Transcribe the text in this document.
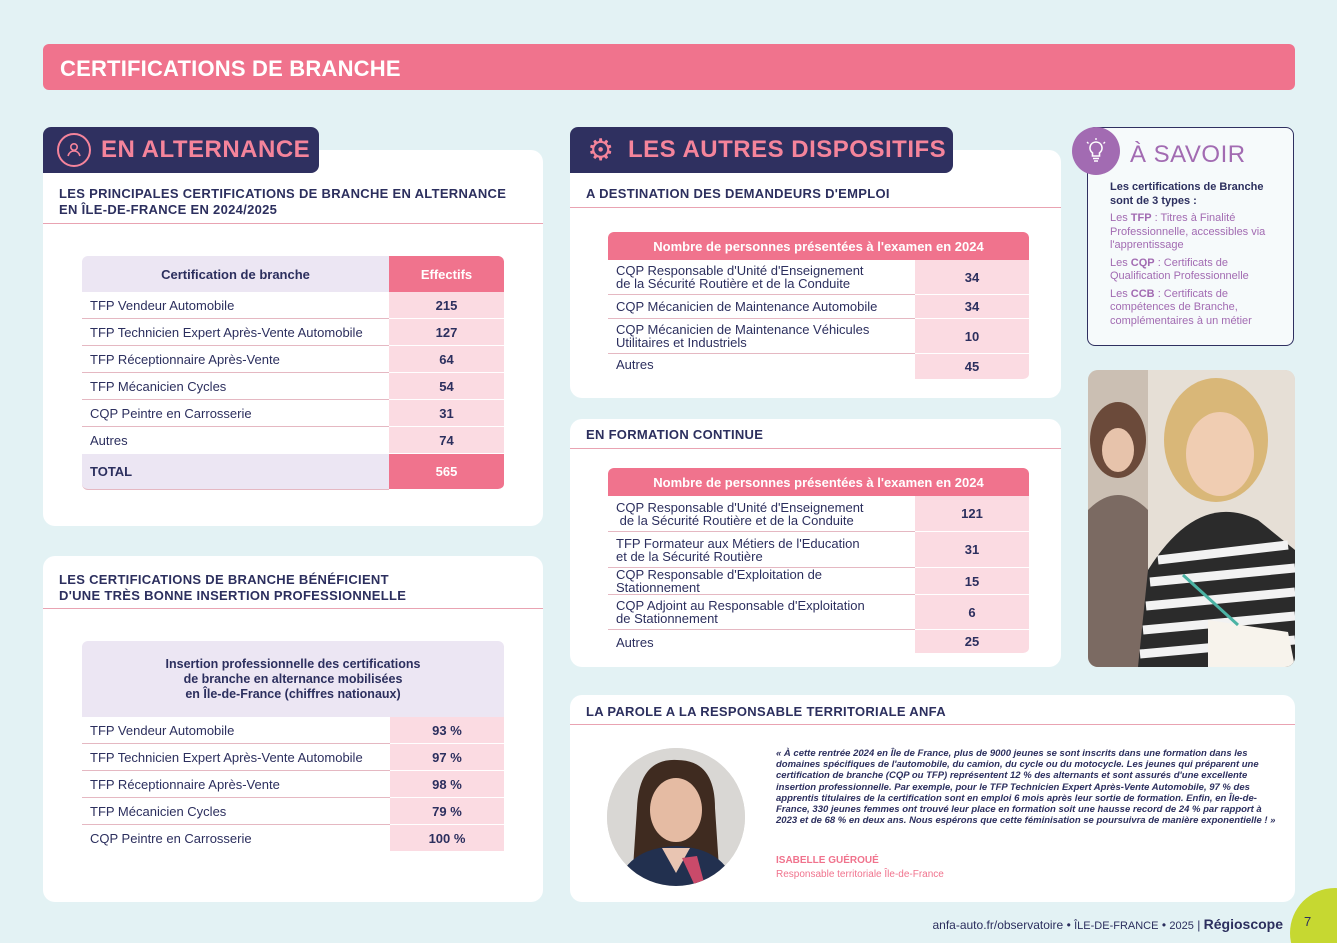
CERTIFICATIONS DE BRANCHE
EN ALTERNANCE
LES PRINCIPALES CERTIFICATIONS DE BRANCHE EN ALTERNANCE
EN ÎLE-DE-FRANCE EN 2024/2025
Certification de branche	Effectifs
TFP Vendeur Automobile	215
TFP Technicien Expert Après-Vente Automobile	127
TFP Réceptionnaire Après-Vente	64
TFP Mécanicien Cycles	54
CQP Peintre en Carrosserie	31
Autres	74
TOTAL	565
LES CERTIFICATIONS DE BRANCHE BÉNÉFICIENT
D'UNE TRÈS BONNE INSERTION PROFESSIONNELLE
Insertion professionnelle des certifications
de branche en alternance mobilisées
en Île-de-France (chiffres nationaux)	

TFP Vendeur Automobile	93 %
TFP Technicien Expert Après-Vente Automobile	97 %
TFP Réceptionnaire Après-Vente	98 %
TFP Mécanicien Cycles	79 %
CQP Peintre en Carrosserie	100 %
⚙ LES AUTRES DISPOSITIFS
A DESTINATION DES DEMANDEURS D'EMPLOI
Nombre de personnes présentées à l'examen en 2024	

CQP Responsable d'Unité d'Enseignement
de la Sécurité Routière et de la Conduite	34
CQP Mécanicien de Maintenance Automobile	34

CQP Mécanicien de Maintenance Véhicules
Utilitaires et Industriels	10
Autres	45
EN FORMATION CONTINUE
Nombre de personnes présentées à l'examen en 2024	

CQP Responsable d'Unité d'Enseignement
de la Sécurité Routière et de la Conduite	121

TFP Formateur aux Métiers de l'Education
et de la Sécurité Routière	31
CQP Responsable d'Exploitation de Stationnement	15

CQP Adjoint au Responsable d'Exploitation
de Stationnement	6
Autres	25
À SAVOIR
Les certifications de Branche sont de 3 types :
Les TFP : Titres à Finalité Professionnelle, accessibles via l'apprentissage
Les CQP : Certificats de Qualification Professionnelle
Les CCB : Certificats de compétences de Branche, complémentaires à un métier
LA PAROLE A LA RESPONSABLE TERRITORIALE ANFA
« À cette rentrée 2024 en Île de France, plus de 9000 jeunes se sont inscrits dans une formation dans les domaines spécifiques de l'automobile, du camion, du cycle ou du motocycle. Les jeunes qui préparent une certification de branche (CQP ou TFP) représentent 12 % des alternants et sont assurés d'une excellente insertion professionnelle. Par exemple, pour le TFP Technicien Expert Après-Vente Automobile, 97 % des apprentis titulaires de la certification sont en emploi 6 mois après leur sortie de formation. Enfin, en Île-de-France, 330 jeunes femmes ont trouvé leur place en formation soit une hausse record de 24 % par rapport à 2023 et de 68 % en deux ans. Nous espérons que cette féminisation se poursuivra de manière exponentielle ! »
ISABELLE GUÉROUÉ
Responsable territoriale Île-de-France
7
anfa-auto.fr/observatoire • ÎLE-DE-FRANCE • 2025 | Régioscope
